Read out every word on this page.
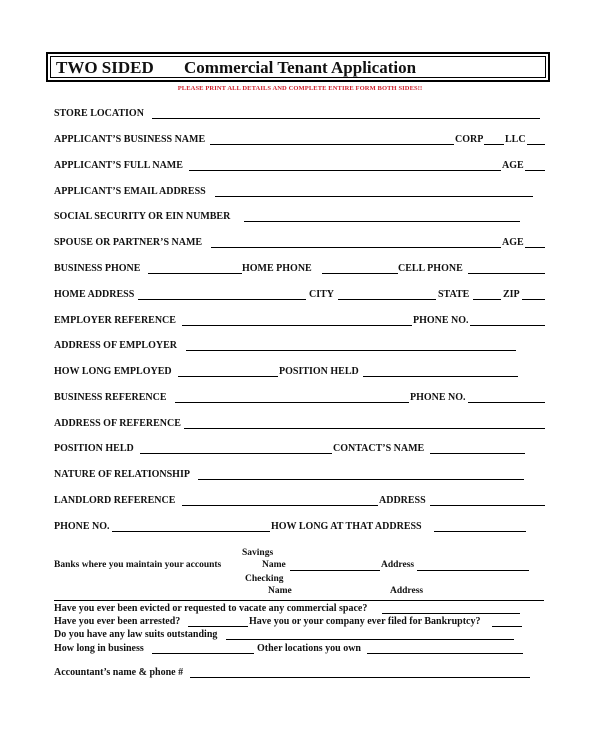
TWO SIDED Commercial Tenant Application
PLEASE PRINT ALL DETAILS AND COMPLETE ENTIRE FORM BOTH SIDES!!
STORE LOCATION
APPLICANT’S BUSINESS NAME	CORP LLC
APPLICANT’S FULL NAME	AGE
APPLICANT’S EMAIL ADDRESS
SOCIAL SECURITY OR EIN NUMBER
SPOUSE OR PARTNER’S NAME	AGE
BUSINESS PHONE	HOME PHONE	CELL PHONE
HOME ADDRESS	CITY	STATE	ZIP
EMPLOYER REFERENCE	PHONE NO.
ADDRESS OF EMPLOYER
HOW LONG EMPLOYED	POSITION HELD
BUSINESS REFERENCE	PHONE NO.
ADDRESS OF REFERENCE
POSITION HELD	CONTACT’S NAME
NATURE OF RELATIONSHIP
LANDLORD REFERENCE	ADDRESS
PHONE NO.	HOW LONG AT THAT ADDRESS
Savings
Banks where you maintain your accounts	Name	Address
Checking
Name	Address
Have you ever been evicted or requested to vacate any commercial space?
Have you ever been arrested?	Have you or your company ever filed for Bankruptcy?
Do you have any law suits outstanding
How long in business	Other locations you own
Accountant’s name & phone #
